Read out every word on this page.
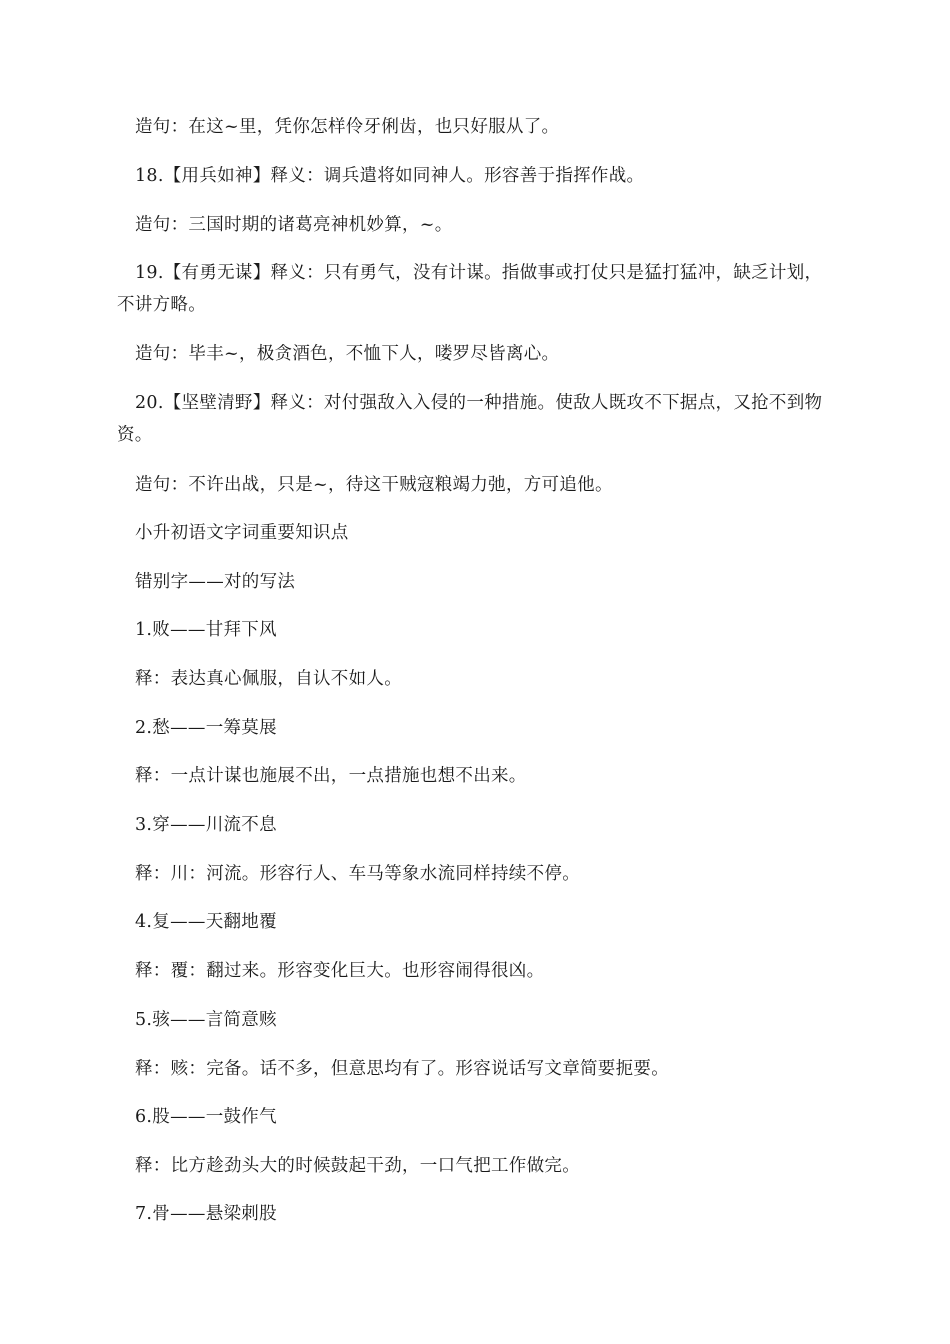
造句：在这~里，凭你怎样伶牙俐齿，也只好服从了。

18.【用兵如神】释义：调兵遣将如同神人。形容善于指挥作战。

造句：三国时期的诸葛亮神机妙算，~。

19.【有勇无谋】释义：只有勇气，没有计谋。指做事或打仗只是猛打猛冲，缺乏计划，不讲方略。

造句：毕丰~，极贪酒色，不恤下人，喽罗尽皆离心。

20.【坚壁清野】释义：对付强敌入入侵的一种措施。使敌人既攻不下据点，又抢不到物资。

造句：不许出战，只是~，待这干贼寇粮竭力弛，方可追他。

小升初语文字词重要知识点

错别字——对的写法

1.败——甘拜下风

释：表达真心佩服，自认不如人。

2.愁——一筹莫展

释：一点计谋也施展不出，一点措施也想不出来。

3.穿——川流不息

释：川：河流。形容行人、车马等象水流同样持续不停。

4.复——天翻地覆

释：覆：翻过来。形容变化巨大。也形容闹得很凶。

5.骇——言简意赅

释：赅：完备。话不多，但意思均有了。形容说话写文章简要扼要。

6.股——一鼓作气

释：比方趁劲头大的时候鼓起干劲，一口气把工作做完。

7.骨——悬梁刺股
